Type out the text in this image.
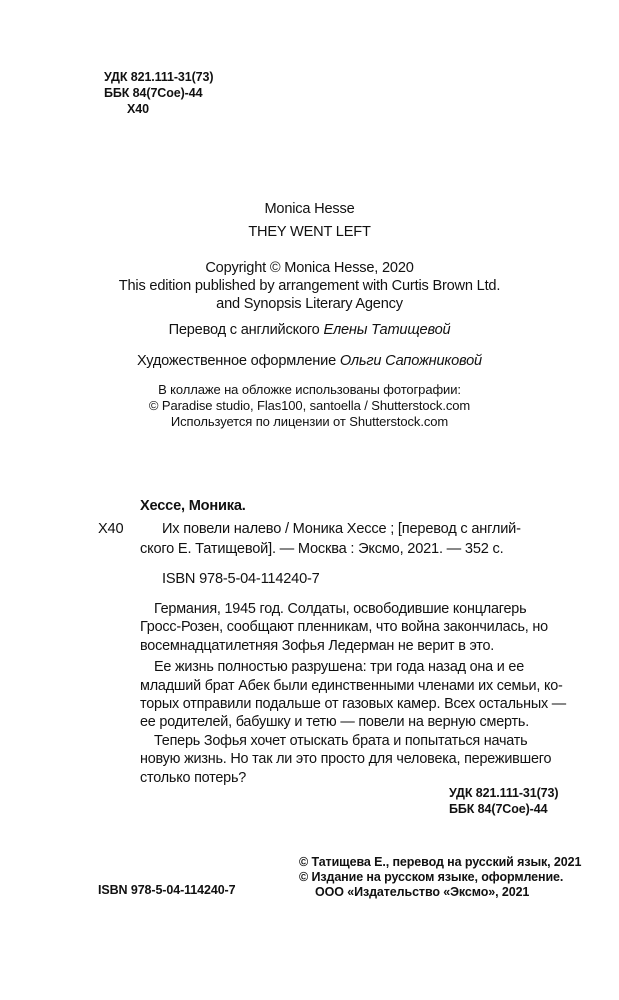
УДК 821.111-31(73)
ББК 84(7Сое)-44
Х40
Monica Hesse
THEY WENT LEFT
Copyright © Monica Hesse, 2020
This edition published by arrangement with Curtis Brown Ltd.
and Synopsis Literary Agency
Перевод с английского Елены Татищевой
Художественное оформление Ольги Сапожниковой
В коллаже на обложке использованы фотографии:
© Paradise studio, Flas100, santoella / Shutterstock.com
Используется по лицензии от Shutterstock.com
Хессе, Моника.
Х40	Их повели налево / Моника Хессе ; [перевод с англий-
ского Е. Татищевой]. — Москва : Эксмо, 2021. — 352 с.
ISBN 978-5-04-114240-7

Германия, 1945 год. Солдаты, освободившие концлагерь
Гросс-Розен, сообщают пленникам, что война закончилась, но
восемнадцатилетняя Зофья Ледерман не верит в это.

Ее жизнь полностью разрушена: три года назад она и ее
младший брат Абек были единственными членами их семьи, ко-
торых отправили подальше от газовых камер. Всех остальных —
ее родителей, бабушку и тетю — повели на верную смерть.

Теперь Зофья хочет отыскать брата и попытаться начать
новую жизнь. Но так ли это просто для человека, пережившего
столько потерь?

УДК 821.111-31(73)
ББК 84(7Сое)-44
ISBN 978-5-04-114240-7
© Татищева Е., перевод на русский язык, 2021
© Издание на русском языке, оформление.
ООО «Издательство «Эксмо», 2021
